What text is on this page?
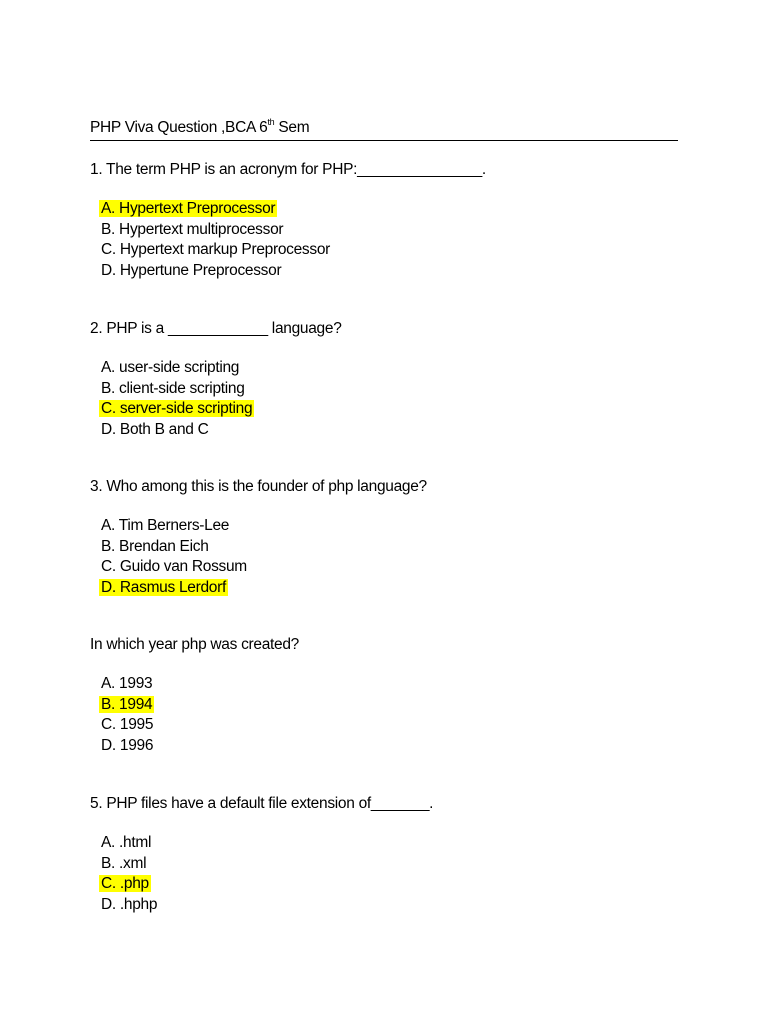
PHP Viva Question ,BCA 6th Sem
1. The term PHP is an acronym for PHP:_______________.
A. Hypertext Preprocessor
B. Hypertext multiprocessor
C. Hypertext markup Preprocessor
D. Hypertune Preprocessor
2. PHP is a ____________ language?
A. user-side scripting
B. client-side scripting
C. server-side scripting
D. Both B and C
3. Who among this is the founder of php language?
A. Tim Berners-Lee
B. Brendan Eich
C. Guido van Rossum
D. Rasmus Lerdorf
In which year php was created?
A. 1993
B. 1994
C. 1995
D. 1996
5. PHP files have a default file extension of_______.
A. .html
B. .xml
C. .php
D. .hphp
